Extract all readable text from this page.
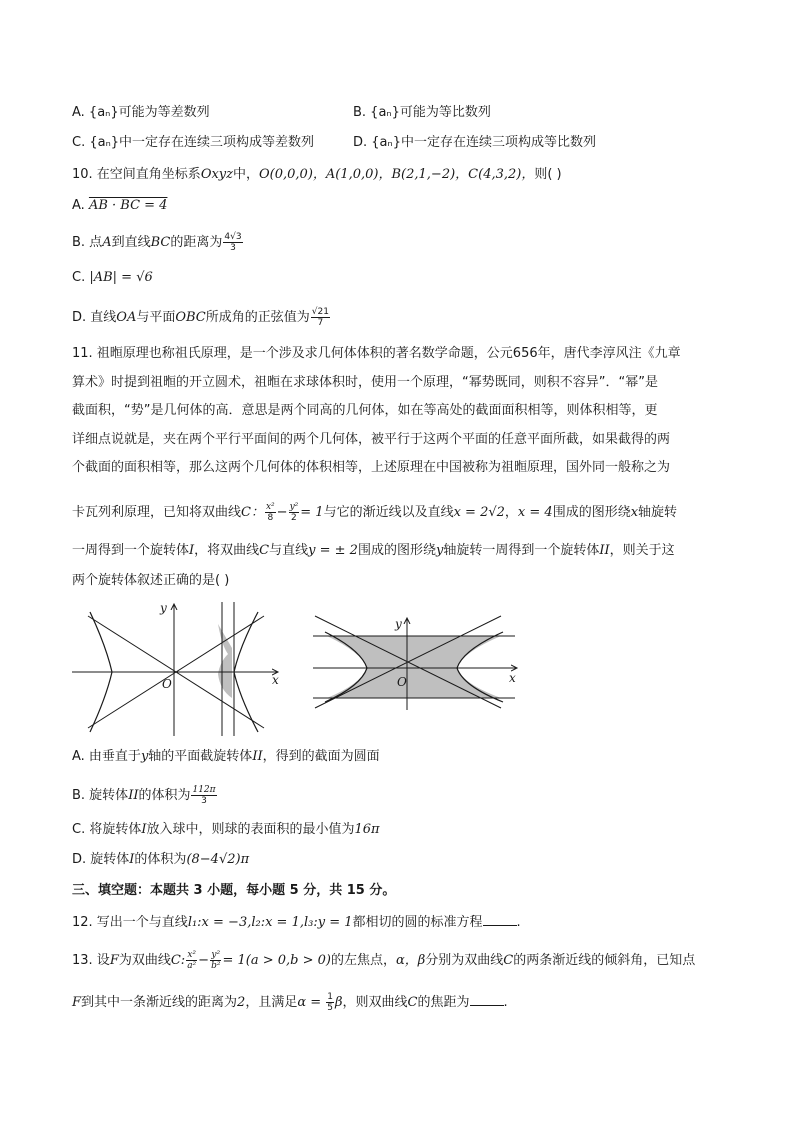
A. {aₙ}可能为等差数列	B. {aₙ}可能为等比数列
C. {aₙ}中一定存在连续三项构成等差数列	D. {aₙ}中一定存在连续三项构成等比数列
10. 在空间直角坐标系Oxyz中，O(0,0,0)，A(1,0,0)，B(2,1,−2)，C(4,3,2)，则( )
A. AB · BC = 4
B. 点A到直线BC的距离为 $\frac{4√3}{3}$
C. |AB| = √6
D. 直线OA与平面OBC所成角的正弦值为 $\frac{√21}{7}$
11. 祖暅原理也称祖氏原理，是一个涉及求几何体体积的著名数学命题，公元656年，唐代李淳风注《九章
算术》时提到祖暅的开立圆术，祖暅在求球体积时，使用一个原理，“幂势既同，则积不容异”．“幂”是
截面积，“势”是几何体的高．意思是两个同高的几何体，如在等高处的截面面积相等，则体积相等，更
详细点说就是，夹在两个平行平面间的两个几何体，被平行于这两个平面的任意平面所截，如果截得的两
个截面的面积相等，那么这两个几何体的体积相等，上述原理在中国被称为祖暅原理，国外同一般称之为
卡瓦列利原理，已知将双曲线C： $\frac{\text{x²}}{8} - \frac{\text{y²}}{2} = 1$与它的渐近线以及直线x = 2√2，x = 4围成的图形绕x轴旋转
一周得到一个旋转体I，将双曲线C与直线y = ± 2围成的图形绕y轴旋转一周得到一个旋转体II，则关于这
两个旋转体叙述正确的是( )
y
x
O
y
x
O
A. 由垂直于y轴的平面截旋转体II，得到的截面为圆面
B. 旋转体II的体积为 $\frac{112\pi}{3}$
C. 将旋转体I放入球中，则球的表面积的最小值为16π
D. 旋转体I的体积为(8−4√2)π
三、填空题：本题共 3 小题，每小题 5 分，共 15 分。
12. 写出一个与直线l₁:x = −3,l₂:x = 1,l₃:y = 1都相切的圆的标准方程	.
13. 设F为双曲线C: $\frac{\text{x²}}{\text{a²}} - \frac{\text{y²}}{\text{b²}} = 1(a > 0,b > 0)$的左焦点，α，β分别为双曲线C的两条渐近线的倾斜角，已知点
F到其中一条渐近线的距离为2，且满足$\alpha = \frac{1}{5}$ β，则双曲线C的焦距为	.
